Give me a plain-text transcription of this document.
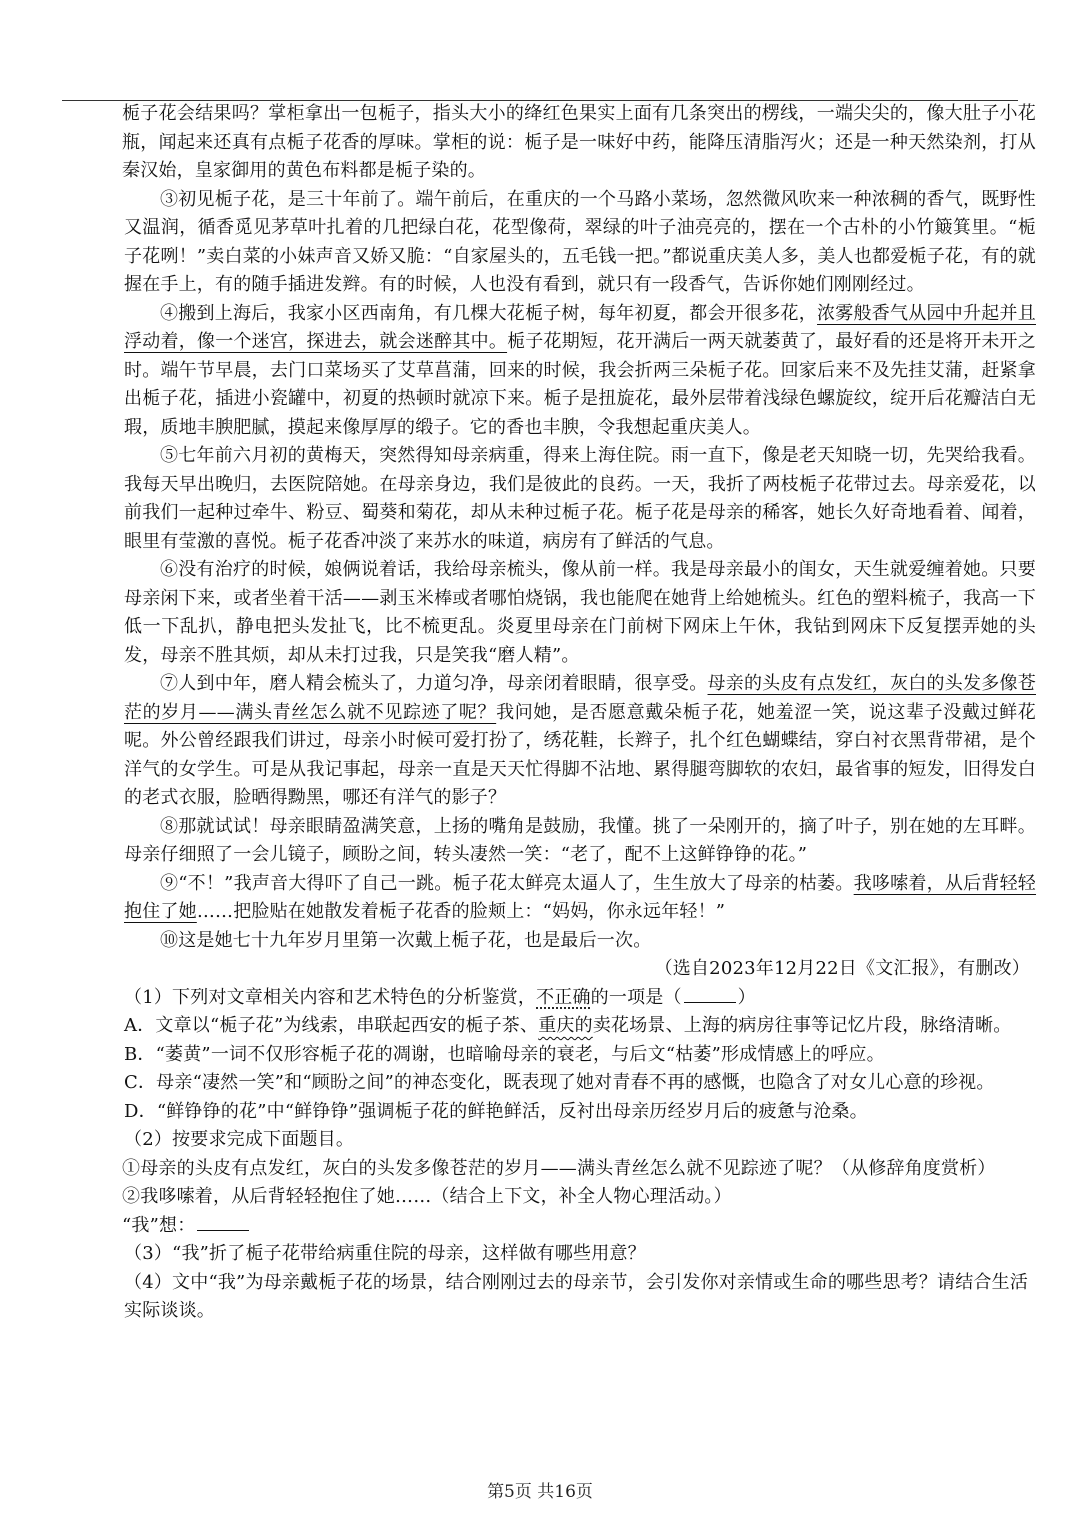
栀子花会结果吗？掌柜拿出一包栀子，指头大小的绛红色果实上面有几条突出的楞线，一端尖尖的，像大肚子小花瓶，闻起来还真有点栀子花香的厚味。掌柜的说：栀子是一味好中药，能降压清脂泻火；还是一种天然染剂，打从秦汉始，皇家御用的黄色布料都是栀子染的。

③初见栀子花，是三十年前了。端午前后，在重庆的一个马路小菜场，忽然微风吹来一种浓稠的香气，既野性又温润，循香觅见茅草叶扎着的几把绿白花，花型像荷，翠绿的叶子油亮亮的，摆在一个古朴的小竹簸箕里。“栀子花咧！”卖白菜的小妹声音又娇又脆：“自家屋头的，五毛钱一把。”都说重庆美人多，美人也都爱栀子花，有的就握在手上，有的随手插进发辫。有的时候，人也没有看到，就只有一段香气，告诉你她们刚刚经过。

④搬到上海后，我家小区西南角，有几棵大花栀子树，每年初夏，都会开很多花，浓雾般香气从园中升起并且浮动着，像一个迷宫，探进去，就会迷醉其中。栀子花期短，花开满后一两天就萎黄了，最好看的还是将开未开之时。端午节早晨，去门口菜场买了艾草菖蒲，回来的时候，我会折两三朵栀子花。回家后来不及先挂艾蒲，赶紧拿出栀子花，插进小瓷罐中，初夏的热顿时就凉下来。栀子是扭旋花，最外层带着浅绿色螺旋纹，绽开后花瓣洁白无瑕，质地丰腴肥腻，摸起来像厚厚的缎子。它的香也丰腴，令我想起重庆美人。

⑤七年前六月初的黄梅天，突然得知母亲病重，得来上海住院。雨一直下，像是老天知晓一切，先哭给我看。我每天早出晚归，去医院陪她。在母亲身边，我们是彼此的良药。一天，我折了两枝栀子花带过去。母亲爱花，以前我们一起种过牵牛、粉豆、蜀葵和菊花，却从未种过栀子花。栀子花是母亲的稀客，她长久好奇地看着、闻着，眼里有莹激的喜悦。栀子花香冲淡了来苏水的味道，病房有了鲜活的气息。

⑥没有治疗的时候，娘俩说着话，我给母亲梳头，像从前一样。我是母亲最小的闺女，天生就爱缠着她。只要母亲闲下来，或者坐着干活——剥玉米棒或者哪怕烧锅，我也能爬在她背上给她梳头。红色的塑料梳子，我高一下低一下乱扒，静电把头发扯飞，比不梳更乱。炎夏里母亲在门前树下网床上午休，我钻到网床下反复摆弄她的头发，母亲不胜其烦，却从未打过我，只是笑我“磨人精”。

⑦人到中年，磨人精会梳头了，力道匀净，母亲闭着眼睛，很享受。母亲的头皮有点发红，灰白的头发多像苍茫的岁月——满头青丝怎么就不见踪迹了呢？我问她，是否愿意戴朵栀子花，她羞涩一笑，说这辈子没戴过鲜花呢。外公曾经跟我们讲过，母亲小时候可爱打扮了，绣花鞋，长辫子，扎个红色蝴蝶结，穿白衬衣黑背带裙，是个洋气的女学生。可是从我记事起，母亲一直是天天忙得脚不沾地、累得腿弯脚软的农妇，最省事的短发，旧得发白的老式衣服，脸晒得黝黑，哪还有洋气的影子？

⑧那就试试！母亲眼睛盈满笑意，上扬的嘴角是鼓励，我懂。挑了一朵刚开的，摘了叶子，别在她的左耳畔。母亲仔细照了一会儿镜子，顾盼之间，转头凄然一笑：“老了，配不上这鲜铮铮的花。”

⑨“不！”我声音大得吓了自己一跳。栀子花太鲜亮太逼人了，生生放大了母亲的枯萎。我哆嗦着，从后背轻轻抱住了她……把脸贴在她散发着栀子花香的脸颊上：“妈妈，你永远年轻！”

⑩这是她七十九年岁月里第一次戴上栀子花，也是最后一次。

（选自2023年12月22日《文汇报》，有删改）

（1）下列对文章相关内容和艺术特色的分析鉴赏，不正确的一项是（	）

A．文章以“栀子花”为线索，串联起西安的栀子茶、重庆的卖花场景、上海的病房往事等记忆片段，脉络清晰。

B．“萎黄”一词不仅形容栀子花的凋谢，也暗喻母亲的衰老，与后文“枯萎”形成情感上的呼应。

C．母亲“凄然一笑”和“顾盼之间”的神态变化，既表现了她对青春不再的感慨，也隐含了对女儿心意的珍视。

D．“鲜铮铮的花”中“鲜铮铮”强调栀子花的鲜艳鲜活，反衬出母亲历经岁月后的疲惫与沧桑。

（2）按要求完成下面题目。

①母亲的头皮有点发红，灰白的头发多像苍茫的岁月——满头青丝怎么就不见踪迹了呢？（从修辞角度赏析）

②我哆嗦着，从后背轻轻抱住了她……（结合上下文，补全人物心理活动。）

“我”想：

（3）“我”折了栀子花带给病重住院的母亲，这样做有哪些用意？

（4）文中“我”为母亲戴栀子花的场景，结合刚刚过去的母亲节，会引发你对亲情或生命的哪些思考？请结合生活实际谈谈。

第5页 共16页
